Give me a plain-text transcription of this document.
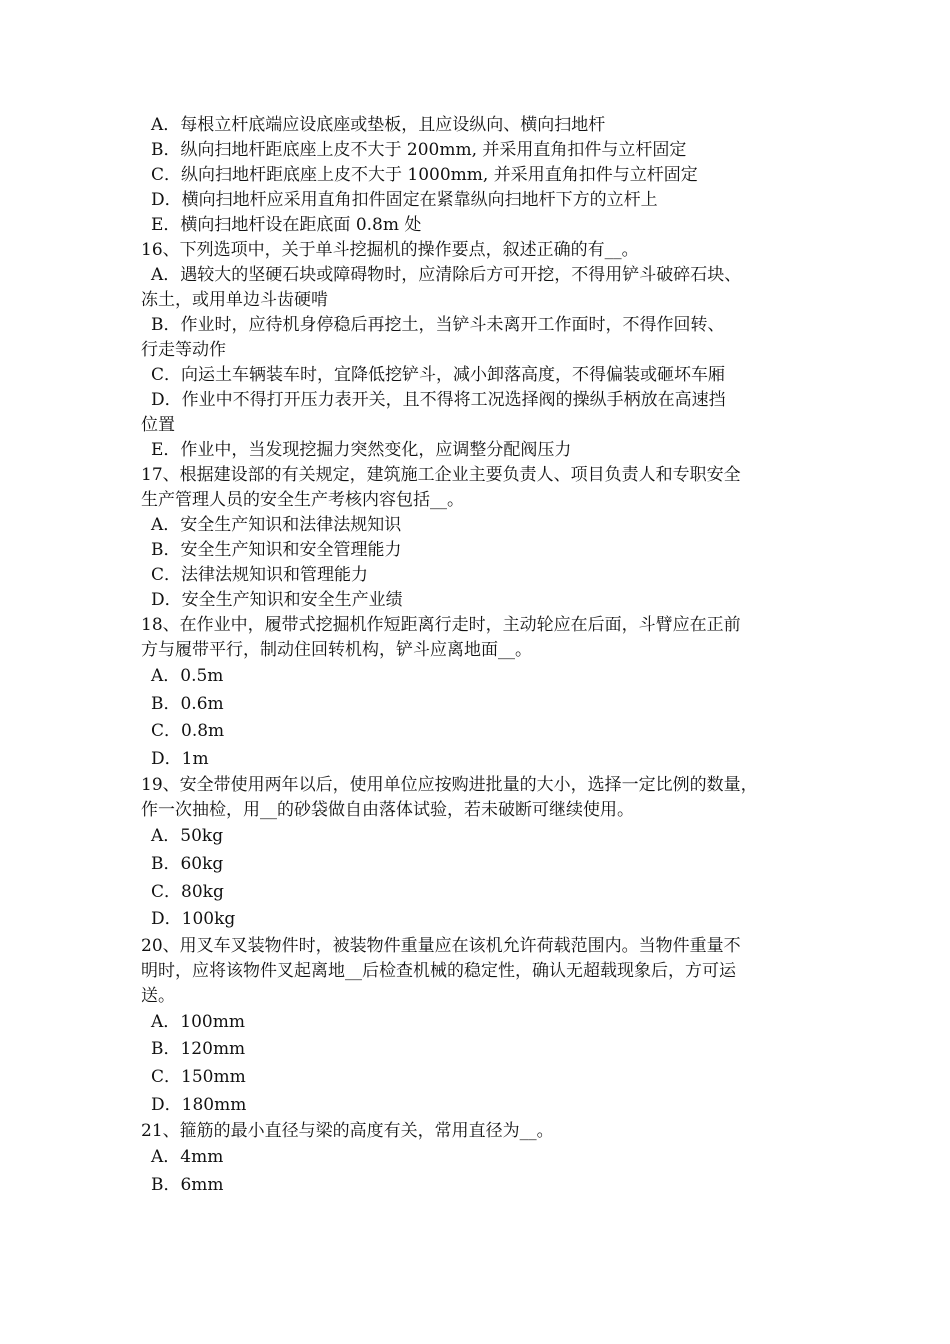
A．每根立杆底端应设底座或垫板，且应设纵向、横向扫地杆

B．纵向扫地杆距底座上皮不大于 200mm, 并采用直角扣件与立杆固定

C．纵向扫地杆距底座上皮不大于 1000mm, 并采用直角扣件与立杆固定

D．横向扫地杆应采用直角扣件固定在紧靠纵向扫地杆下方的立杆上

E．横向扫地杆设在距底面 0.8m 处

16、下列选项中，关于单斗挖掘机的操作要点，叙述正确的有__。

A．遇较大的坚硬石块或障碍物时，应清除后方可开挖，不得用铲斗破碎石块、

冻土，或用单边斗齿硬啃

B．作业时，应待机身停稳后再挖土，当铲斗未离开工作面时，不得作回转、

行走等动作

C．向运土车辆装车时，宜降低挖铲斗，减小卸落高度，不得偏装或砸坏车厢

D．作业中不得打开压力表开关，且不得将工况选择阀的操纵手柄放在高速挡

位置

E．作业中，当发现挖掘力突然变化，应调整分配阀压力

17、根据建设部的有关规定，建筑施工企业主要负责人、项目负责人和专职安全

生产管理人员的安全生产考核内容包括__。

A．安全生产知识和法律法规知识

B．安全生产知识和安全管理能力

C．法律法规知识和管理能力

D．安全生产知识和安全生产业绩

18、在作业中，履带式挖掘机作短距离行走时，主动轮应在后面，斗臂应在正前

方与履带平行，制动住回转机构，铲斗应离地面__。

A．0.5m

B．0.6m

C．0.8m

D．1m

19、安全带使用两年以后，使用单位应按购进批量的大小，选择一定比例的数量，

作一次抽检，用__的砂袋做自由落体试验，若未破断可继续使用。

A．50kg

B．60kg

C．80kg

D．100kg

20、用叉车叉装物件时，被装物件重量应在该机允许荷载范围内。当物件重量不

明时，应将该物件叉起离地__后检查机械的稳定性，确认无超载现象后，方可运

送。

A．100mm

B．120mm

C．150mm

D．180mm

21、箍筋的最小直径与梁的高度有关，常用直径为__。

A．4mm

B．6mm
